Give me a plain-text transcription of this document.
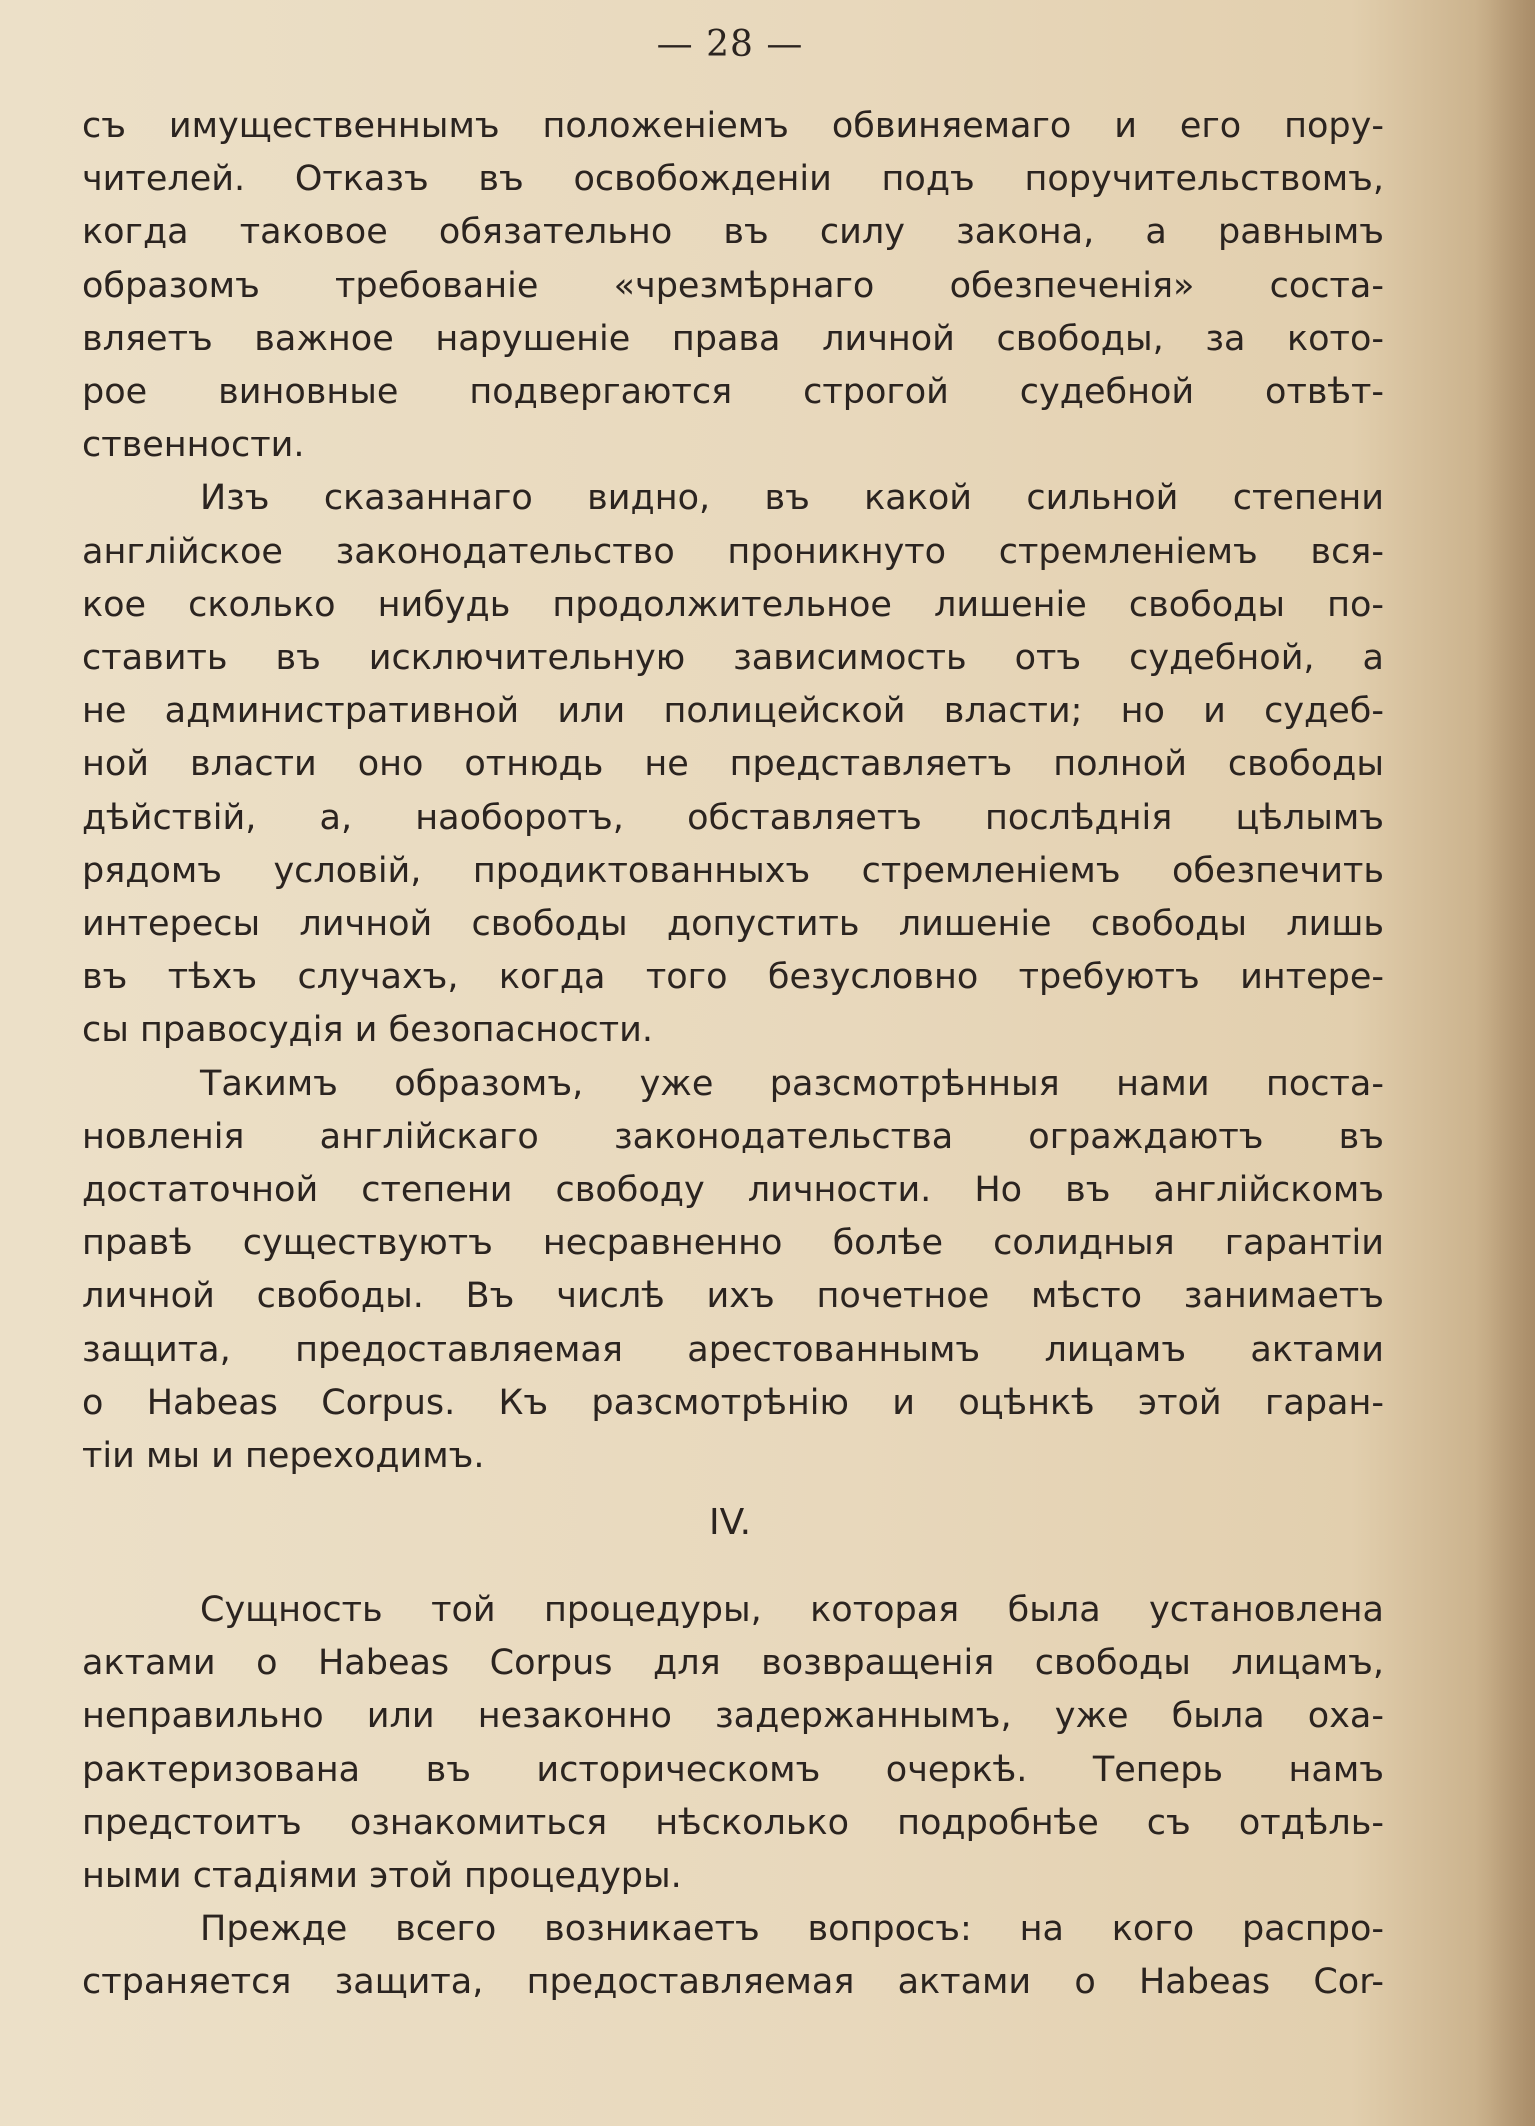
— 28 —
съ имущественнымъ положенiемъ обвиняемаго и его пору-
чителей. Отказъ въ освобожденiи подъ поручительствомъ,
когда таковое обязательно въ силу закона, а равнымъ
образомъ требованiе «чрезмѣрнаго обезпеченiя» соста-
вляетъ важное нарушенiе права личной свободы, за кото-
рое виновные подвергаются строгой судебной отвѣт-
ственности.
Изъ сказаннаго видно, въ какой сильной степени
англiйское законодательство проникнуто стремленiемъ вся-
кое сколько нибудь продолжительное лишенiе свободы по-
ставить въ исключительную зависимость отъ судебной, а
не административной или полицейской власти; но и судеб-
ной власти оно отнюдь не представляетъ полной свободы
дѣйствiй, а, наоборотъ, обставляетъ послѣднiя цѣлымъ
рядомъ условiй, продиктованныхъ стремленiемъ обезпечить
интересы личной свободы допустить лишенiе свободы лишь
въ тѣхъ случахъ, когда того безусловно требуютъ интере-
сы правосудiя и безопасности.
Такимъ образомъ, уже разсмотрѣнныя нами поста-
новленiя англiйскаго законодательства ограждаютъ въ
достаточной степени свободу личности. Но въ англiйскомъ
правѣ существуютъ несравненно болѣе солидныя гарантiи
личной свободы. Въ числѣ ихъ почетное мѣсто занимаетъ
защита, предоставляемая арестованнымъ лицамъ актами
о Habeas Corpus. Къ разсмотрѣнiю и оцѣнкѣ этой гаран-
тiи мы и переходимъ.
IV.
Сущность той процедуры, которая была установлена
актами о Habeas Corpus для возвращенiя свободы лицамъ,
неправильно или незаконно задержаннымъ, уже была оха-
рактеризована въ историческомъ очеркѣ. Теперь намъ
предстоитъ ознакомиться нѣсколько подробнѣе съ отдѣль-
ными стадiями этой процедуры.
Прежде всего возникаетъ вопросъ: на кого распро-
страняется защита, предоставляемая актами о Habeas Cor-
